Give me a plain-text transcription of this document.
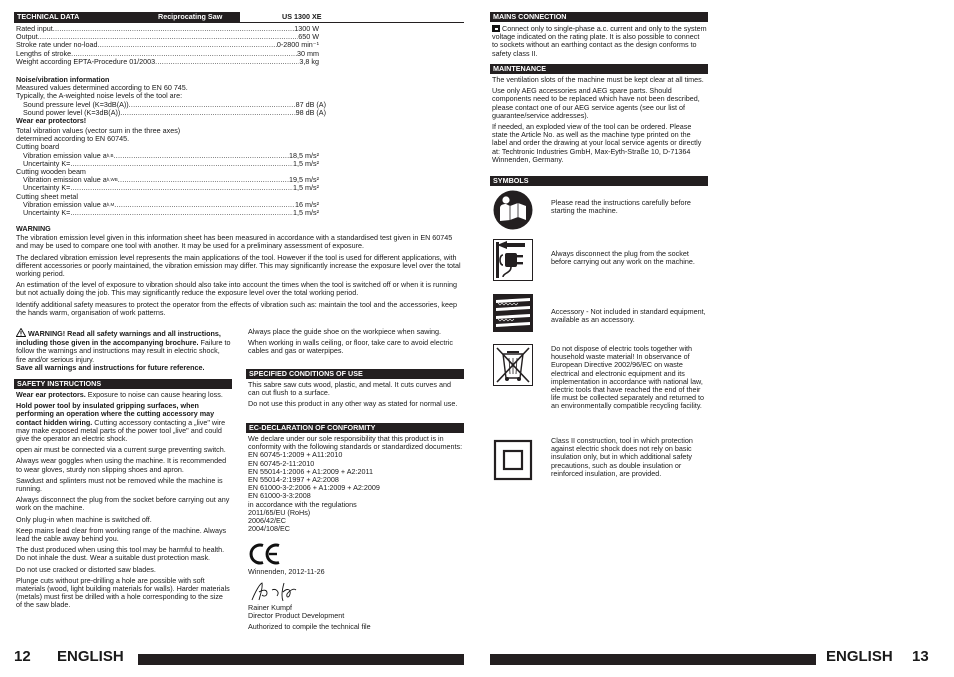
TECHNICAL DATA	Reciprocating Saw	US 1300 XE
Rated input .....	1300 W
Output .....	650 W
Stroke rate under no-load .....	0-2800 min⁻¹
Lengths of stroke .....	30 mm
Weight according EPTA-Procedure 01/2003 .....	3,8 kg
Noise/vibration information
Measured values determined according to EN 60 745.
Typically, the A-weighted noise levels of the tool are:
Sound pressure level (K=3dB(A)) .....	87 dB (A)
Sound power level (K=3dB(A)) .....	98 dB (A)
Wear ear protectors!
Total vibration values (vector sum in the three axes)
determined according to EN 60745.
Cutting board
Vibration emission value a h,B .....	18,5 m/s²
Uncertainty K= .....	1,5 m/s²
Cutting wooden beam
Vibration emission value a h,WB .....	19,5 m/s²
Uncertainty K= .....	1,5 m/s²
Cutting sheet metal
Vibration emission value a h,M .....	16 m/s²
Uncertainty K= .....	1,5 m/s²
WARNING
The vibration emission level given in this information sheet has been measured in accordance with a standardised test given in EN 60745 and may be used to compare one tool with another. It may be used for a preliminary assessment of exposure.
The declared vibration emission level represents the main applications of the tool. However if the tool is used for different applications, with different accessories or poorly maintained, the vibration emission may differ. This may significantly increase the exposure level over the total working period.
An estimation of the level of exposure to vibration should also take into account the times when the tool is switched off or when it is running but not actually doing the job. This may significantly reduce the exposure level over the total working period.
Identify additional safety measures to protect the operator from the effects of vibration such as: maintain the tool and the accessories, keep the hands warm, organisation of work patterns.
WARNING! Read all safety warnings and all instructions, including those given in the accompanying brochure. Failure to follow the warnings and instructions may result in electric shock, fire and/or serious injury.
Save all warnings and instructions for future reference.
SAFETY INSTRUCTIONS
Wear ear protectors. Exposure to noise can cause hearing loss.
Hold power tool by insulated gripping surfaces, when performing an operation where the cutting accessory may contact hidden wiring. Cutting accessory contacting a „live" wire may make exposed metal parts of the power tool „live" and could give the operator an electric shock.
open air must be connected via a current surge preventing switch.
Always wear goggles when using the machine. It is recommended to wear gloves, sturdy non slipping shoes and apron.
Sawdust and splinters must not be removed while the machine is running.
Always disconnect the plug from the socket before carrying out any work on the machine.
Only plug-in when machine is switched off.
Keep mains lead clear from working range of the machine. Always lead the cable away behind you.
The dust produced when using this tool may be harmful to health. Do not inhale the dust. Wear a suitable dust protection mask.
Do not use cracked or distorted saw blades.
Plunge cuts without pre-drilling a hole are possible with soft materials (wood, light building materials for walls). Harder materials (metals) must first be drilled with a hole corresponding to the size of the saw blade.
Always place the guide shoe on the workpiece when sawing.
When working in walls ceiling, or floor, take care to avoid electric cables and gas or waterpipes.
SPECIFIED CONDITIONS OF USE
This sabre saw cuts wood, plastic, and metal. It cuts curves and can cut flush to a surface.
Do not use this product in any other way as stated for normal use.
EC-DECLARATION OF CONFORMITY
We declare under our sole responsibility that this product is in conformity with the following standards or standardized documents:
EN 60745-1:2009 + A11:2010
EN 60745-2-11:2010
EN 55014-1:2006 + A1:2009 + A2:2011
EN 55014-2:1997 + A2:2008
EN 61000-3-2:2006 + A1:2009 + A2:2009
EN 61000-3-3:2008
in accordance with the regulations
2011/65/EU (RoHs)
2006/42/EC
2004/108/EC
Winnenden, 2012-11-26
Rainer Kumpf
Director Product Development
Authorized to compile the technical file
MAINS CONNECTION
Connect only to single-phase a.c. current and only to the system voltage indicated on the rating plate. It is also possible to connect to sockets without an earthing contact as the design conforms to safety class II.
MAINTENANCE
The ventilation slots of the machine must be kept clear at all times.
Use only AEG accessories and AEG spare parts. Should components need to be replaced which have not been described, please contact one of our AEG service agents (see our list of guarantee/service addresses).
If needed, an exploded view of the tool can be ordered. Please state the Article No. as well as the machine type printed on the label and order the drawing at your local service agents or directly at: Techtronic Industries GmbH, Max-Eyth-Straße 10, D-71364 Winnenden, Germany.
SYMBOLS
Please read the instructions carefully before starting the machine.
Always disconnect the plug from the socket before carrying out any work on the machine.
Accessory - Not included in standard equipment, available as an accessory.
Do not dispose of electric tools together with household waste material! In observance of European Directive 2002/96/EC on waste electrical and electronic equipment and its implementation in accordance with national law, electric tools that have reached the end of their life must be collected separately and returned to an environmentally compatible recycling facility.
Class II construction, tool in which protection against electric shock does not rely on basic insulation only, but in which additional safety precautions, such as double insulation or reinforced insulation, are provided.
12 ENGLISH	ENGLISH 13
